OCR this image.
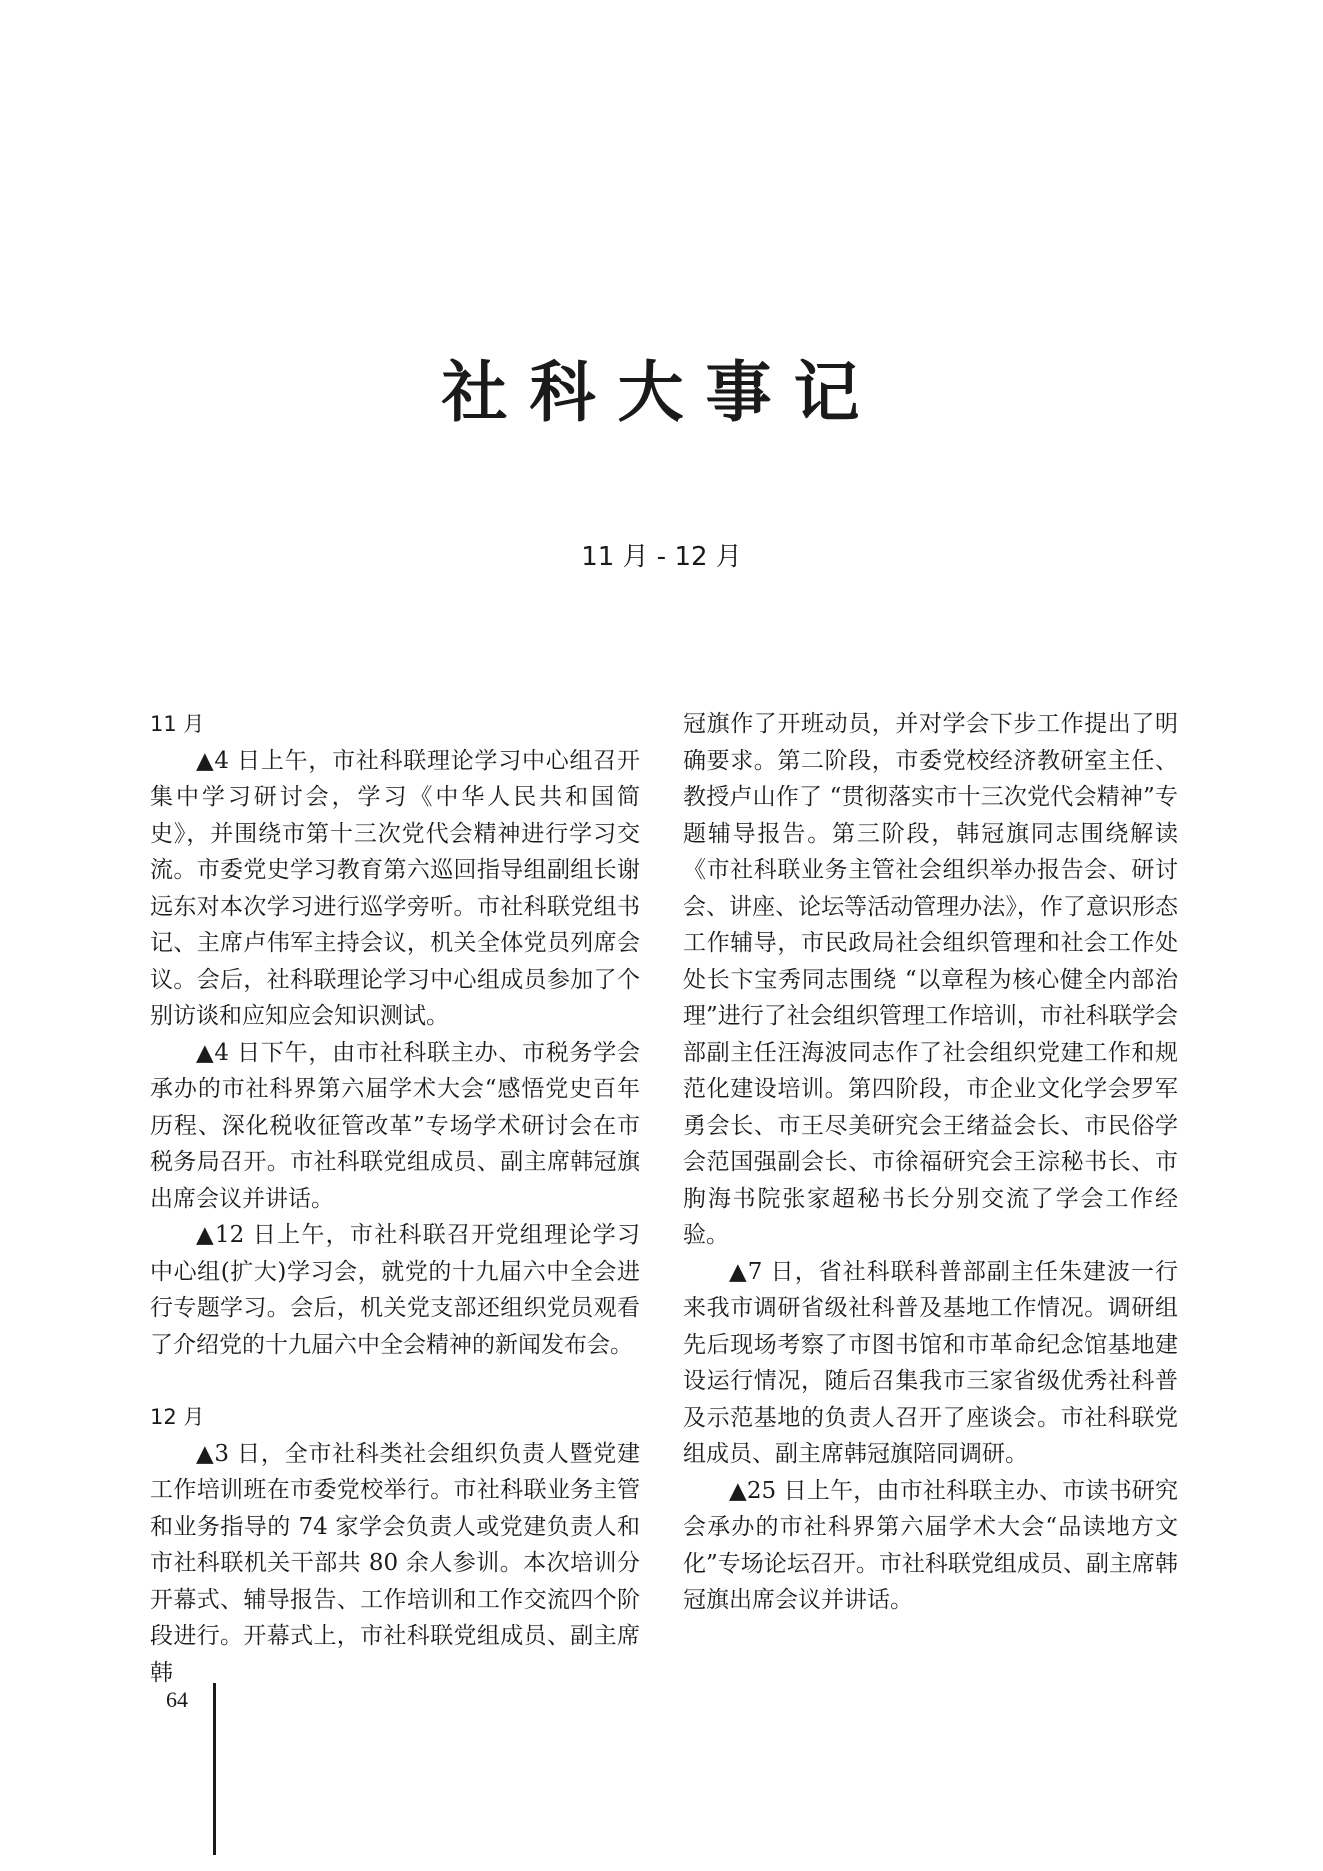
社科大事记
11 月 - 12 月
11 月

▲4 日上午，市社科联理论学习中心组召开集中学习研讨会，学习《中华人民共和国简史》，并围绕市第十三次党代会精神进行学习交流。市委党史学习教育第六巡回指导组副组长谢远东对本次学习进行巡学旁听。市社科联党组书记、主席卢伟军主持会议，机关全体党员列席会议。会后，社科联理论学习中心组成员参加了个别访谈和应知应会知识测试。

▲4 日下午，由市社科联主办、市税务学会承办的市社科界第六届学术大会“感悟党史百年历程、深化税收征管改革”专场学术研讨会在市税务局召开。市社科联党组成员、副主席韩冠旗出席会议并讲话。

▲12 日上午，市社科联召开党组理论学习中心组(扩大)学习会，就党的十九届六中全会进行专题学习。会后，机关党支部还组织党员观看了介绍党的十九届六中全会精神的新闻发布会。

12 月

▲3 日，全市社科类社会组织负责人暨党建工作培训班在市委党校举行。市社科联业务主管和业务指导的 74 家学会负责人或党建负责人和市社科联机关干部共 80 余人参训。本次培训分开幕式、辅导报告、工作培训和工作交流四个阶段进行。开幕式上，市社科联党组成员、副主席韩

冠旗作了开班动员，并对学会下步工作提出了明确要求。第二阶段，市委党校经济教研室主任、教授卢山作了 “贯彻落实市十三次党代会精神”专题辅导报告。第三阶段，韩冠旗同志围绕解读《市社科联业务主管社会组织举办报告会、研讨会、讲座、论坛等活动管理办法》，作了意识形态工作辅导，市民政局社会组织管理和社会工作处处长卞宝秀同志围绕 “以章程为核心健全内部治理”进行了社会组织管理工作培训，市社科联学会部副主任汪海波同志作了社会组织党建工作和规范化建设培训。第四阶段，市企业文化学会罗军勇会长、市王尽美研究会王绪益会长、市民俗学会范国强副会长、市徐福研究会王淙秘书长、市朐海书院张家超秘书长分别交流了学会工作经验。

▲7 日，省社科联科普部副主任朱建波一行来我市调研省级社科普及基地工作情况。调研组先后现场考察了市图书馆和市革命纪念馆基地建设运行情况，随后召集我市三家省级优秀社科普及示范基地的负责人召开了座谈会。市社科联党组成员、副主席韩冠旗陪同调研。

▲25 日上午，由市社科联主办、市读书研究会承办的市社科界第六届学术大会“品读地方文化”专场论坛召开。市社科联党组成员、副主席韩冠旗出席会议并讲话。

64
